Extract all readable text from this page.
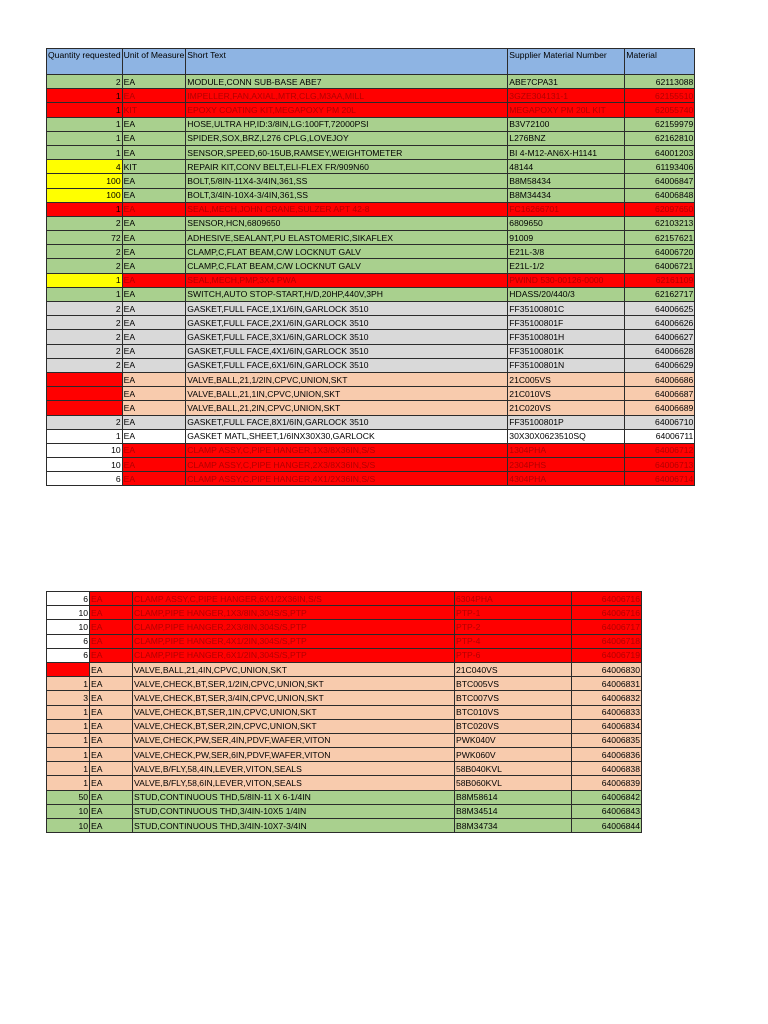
Quantity requested	Unit of Measure	Short Text	Supplier Material Number	Material
2	EA	MODULE,CONN SUB-BASE ABE7	ABE7CPA31	62113088
1	EA	IMPELLER,FAN,AXIAL,MTR,CLG,M3AA,MILL	3GZE304131-1	62155510
1	KIT	EPOXY COATING KIT,MEGAPOXY PM 20L	MEGAPOXY PM 20L KIT	62055740
1	EA	HOSE,ULTRA HP,ID:3/8IN,LG:100FT,72000PSI	B3V72100	62159979
1	EA	SPIDER,SOX,BRZ,L276 CPLG,LOVEJOY	L276BNZ	62162810
1	EA	SENSOR,SPEED,60-15UB,RAMSEY,WEIGHTOMETER	BI 4-M12-AN6X-H1141	64001203
4	KIT	REPAIR KIT,CONV BELT,ELI-FLEX FR/909N60	48144	61193406
100	EA	BOLT,5/8IN-11X4-3/4IN,361,SS	B8M58434	64006847
100	EA	BOLT,3/4IN-10X4-3/4IN,361,SS	B8M34434	64006848
1	EA	SEAL,MECH,JOHN CRANE,SULZER APT 42-8	FC16266701	62097650
2	EA	SENSOR,HCN,6809650	6809650	62103213
72	EA	ADHESIVE,SEALANT,PU ELASTOMERIC,SIKAFLEX	91009	62157621
2	EA	CLAMP,C,FLAT BEAM,C/W LOCKNUT GALV	E21L-3/8	64006720
2	EA	CLAMP,C,FLAT BEAM,C/W LOCKNUT GALV	E21L-1/2	64006721
1	EA	SEAL,MECH,PMP,3X4 PWA	PWIND 530-00126-0000	62161109
1	EA	SWITCH,AUTO STOP-START,H/D,20HP,440V,3PH	HDASS/20/440/3	62162717
2	EA	GASKET,FULL FACE,1X1/6IN,GARLOCK 3510	FF35100801C	64006625
2	EA	GASKET,FULL FACE,2X1/6IN,GARLOCK 3510	FF35100801F	64006626
2	EA	GASKET,FULL FACE,3X1/6IN,GARLOCK 3510	FF35100801H	64006627
2	EA	GASKET,FULL FACE,4X1/6IN,GARLOCK 3510	FF35100801K	64006628
2	EA	GASKET,FULL FACE,6X1/6IN,GARLOCK 3510	FF35100801N	64006629
	EA	VALVE,BALL,21,1/2IN,CPVC,UNION,SKT	21C005VS	64006686
	EA	VALVE,BALL,21,1IN,CPVC,UNION,SKT	21C010VS	64006687
	EA	VALVE,BALL,21,2IN,CPVC,UNION,SKT	21C020VS	64006689
2	EA	GASKET,FULL FACE,8X1/6IN,GARLOCK 3510	FF35100801P	64006710
1	EA	GASKET MATL,SHEET,1/6INX30X30,GARLOCK	30X30X0623510SQ	64006711
10	EA	CLAMP ASSY,C,PIPE HANGER,1X3/8X36IN,S/S	1304PHA	64006712
10	EA	CLAMP ASSY,C,PIPE HANGER,2X3/8X36IN,S/S	2304PHS	64006713
6	EA	CLAMP ASSY,C,PIPE HANGER,4X1/2X36IN,S/S	4304PHA	64006714
6	EA	CLAMP ASSY,C,PIPE HANGER,6X1/2X36IN,S/S	6304PHA	64006716
10	EA	CLAMP,PIPE HANGER,1X3/8IN,304S/S,PTP	PTP-1	64006716
10	EA	CLAMP,PIPE HANGER,2X3/8IN,304S/S,PTP	PTP-2	64006717
6	EA	CLAMP,PIPE HANGER,4X1/2IN,304S/S,PTP	PTP-4	64006718
6	EA	CLAMP,PIPE HANGER,6X1/2IN,304S/S,PTP	PTP-6	64006719
	EA	VALVE,BALL,21,4IN,CPVC,UNION,SKT	21C040VS	64006830
1	EA	VALVE,CHECK,BT,SER,1/2IN,CPVC,UNION,SKT	BTC005VS	64006831
3	EA	VALVE,CHECK,BT,SER,3/4IN,CPVC,UNION,SKT	BTC007VS	64006832
1	EA	VALVE,CHECK,BT,SER,1IN,CPVC,UNION,SKT	BTC010VS	64006833
1	EA	VALVE,CHECK,BT,SER,2IN,CPVC,UNION,SKT	BTC020VS	64006834
1	EA	VALVE,CHECK,PW,SER,4IN,PDVF,WAFER,VITON	PWK040V	64006835
1	EA	VALVE,CHECK,PW,SER,6IN,PDVF,WAFER,VITON	PWK060V	64006836
1	EA	VALVE,B/FLY,58,4IN,LEVER,VITON,SEALS	58B040KVL	64006838
1	EA	VALVE,B/FLY,58,6IN,LEVER,VITON,SEALS	58B060KVL	64006839
50	EA	STUD,CONTINUOUS THD,5/8IN-11 X 6-1/4IN	B8M58614	64006842
10	EA	STUD,CONTINUOUS THD,3/4IN-10X5 1/4IN	B8M34514	64006843
10	EA	STUD,CONTINUOUS THD,3/4IN-10X7-3/4IN	B8M34734	64006844
